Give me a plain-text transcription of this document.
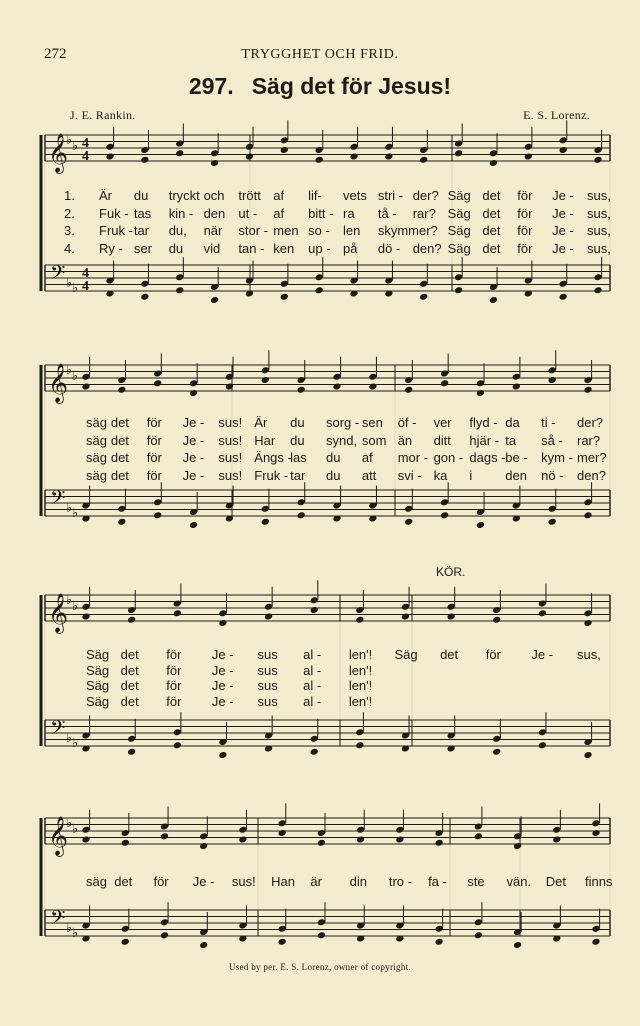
272	TRYGGHET OCH FRID.
297. Säg det för Jesus!
J. E. Rankin.	E. S. Lorenz.
KÖR.
𝄞
♭ ♭ 4
4
𝄢 ♭ ♭
4
4
𝄞
♭ ♭
𝄢 ♭ ♭
𝄞
♭ ♭
𝄢 ♭ ♭
𝄞
♭ ♭
𝄢 ♭ ♭
1.
2.
3.
4.
Är du tryckt och trött af lif- vets stri - der? Säg det för Je - sus,
Fuk - tas kin - den ut - af bitt - ra tå - rar? Säg det för Je - sus,
Fruk - tar du, när stor - men so - len skymmer? Säg det för Je - sus,
Ry - ser du vid tan - ken up - på dö - den? Säg det för Je - sus,
säg det för Je - sus! Är du sorg - sen öf - ver flyd - da ti - der?
säg det för Je - sus! Har du synd, som än ditt hjär - ta så - rar?
säg det för Je - sus! Ängs -
las du af mor - gon - dags - be - kym - mer?
säg det för Je - sus! Fruk - tar du att svi - ka i	den nö - den?
Säg det för Je - sus al - len'! Säg det för Je - sus,
Säg det för Je - sus al - len'!
Säg det för Je - sus al - len'!
Säg det för Je - sus al - len'!
säg det för Je - sus! Han är din tro - fa - ste vän. Det finns
Used by per. E. S. Lorenz, owner of copyright.
